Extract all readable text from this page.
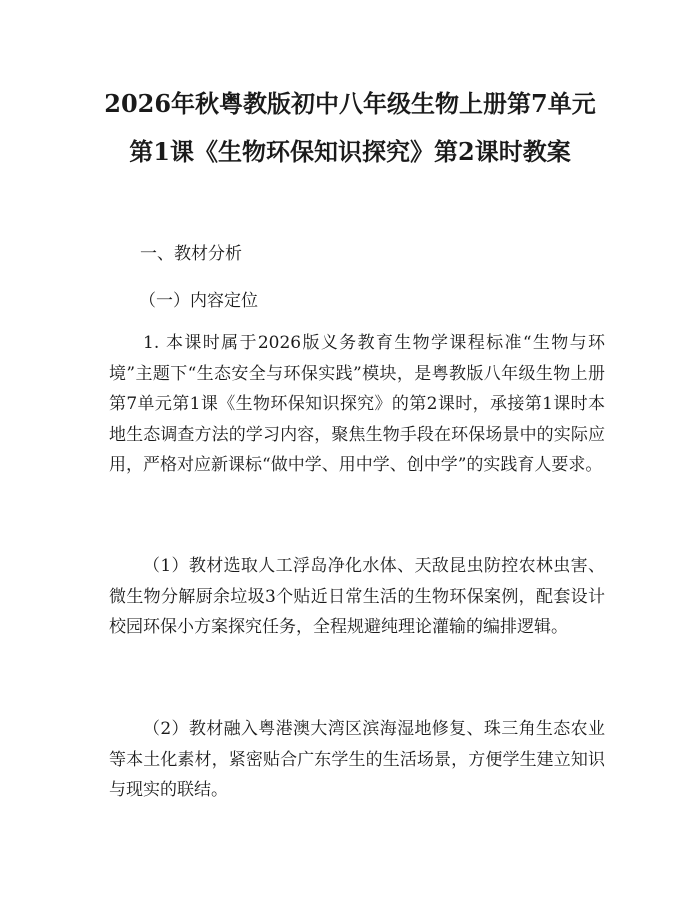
2026年秋粤教版初中八年级生物上册第7单元第1课《生物环保知识探究》第2课时教案

一、教材分析

（一）内容定位

1. 本课时属于2026版义务教育生物学课程标准“生物与环境”主题下“生态安全与环保实践”模块，是粤教版八年级生物上册第7单元第1课《生物环保知识探究》的第2课时，承接第1课时本地生态调查方法的学习内容，聚焦生物手段在环保场景中的实际应用，严格对应新课标“做中学、用中学、创中学”的实践育人要求。

（1）教材选取人工浮岛净化水体、天敌昆虫防控农林虫害、微生物分解厨余垃圾3个贴近日常生活的生物环保案例，配套设计校园环保小方案探究任务，全程规避纯理论灌输的编排逻辑。

（2）教材融入粤港澳大湾区滨海湿地修复、珠三角生态农业等本土化素材，紧密贴合广东学生的生活场景，方便学生建立知识与现实的联结。
